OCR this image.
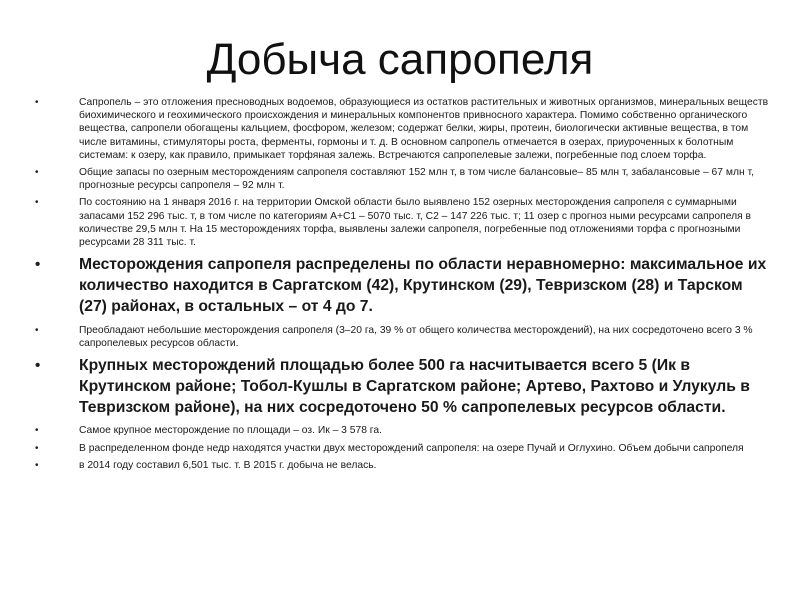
Добыча сапропеля
•	Сапропель – это отложения пресноводных водоемов, образующиеся из остатков растительных и животных организмов, минеральных веществ биохимического и геохимического происхождения и минеральных компонентов привносного характера. Помимо собственно органического вещества, сапропели обогащены кальцием, фосфором, железом; содержат белки, жиры, протеин, биологически активные вещества, в том числе витамины, стимуляторы роста, ферменты, гормоны и т. д. В основном сапропель отмечается в озерах, приуроченных к болотным системам: к озеру, как правило, примыкает торфяная залежь. Встречаются сапропелевые залежи, погребенные под слоем торфа.
•	Общие запасы по озерным месторождениям сапропеля составляют 152 млн т, в том числе балансовые– 85 млн т, забалансовые – 67 млн т, прогнозные ресурсы сапропеля – 92 млн т.
•	По состоянию на 1 января 2016 г. на территории Омской области было выявлено 152 озерных месторождения сапропеля с суммарными запасами 152 296 тыс. т, в том числе по категориям А+С1 – 5070 тыс. т, С2 – 147 226 тыс. т; 11 озер с прогноз ными ресурсами сапропеля в количестве 29,5 млн т. На 15 месторождениях торфа, выявлены залежи сапропеля, погребенные под отложениями торфа с прогнозными ресурсами 28 311 тыс. т.
• Месторождения сапропеля распределены по области неравномерно: максимальное их количество находится в Саргатском (42), Крутинском (29), Тевризском (28) и Тарском (27) районах, в остальных – от 4 до 7.
•	Преобладают небольшие месторождения сапропеля (3–20 га, 39 % от общего количества месторождений), на них сосредоточено всего 3 % сапропелевых ресурсов области.
• Крупных месторождений площадью более 500 га насчитывается всего 5 (Ик в Крутинском районе; Тобол-Кушлы в Саргатском районе; Артево, Рахтово и Улукуль в Тевризском районе), на них сосредоточено 50 % сапропелевых ресурсов области.
•	Самое крупное месторождение по площади – оз. Ик – 3 578 га.
•	В распределенном фонде недр находятся участки двух месторождений сапропеля: на озере Пучай и Оглухино. Объем добычи сапропеля
•	в 2014 году составил 6,501 тыс. т. В 2015 г. добыча не велась.
